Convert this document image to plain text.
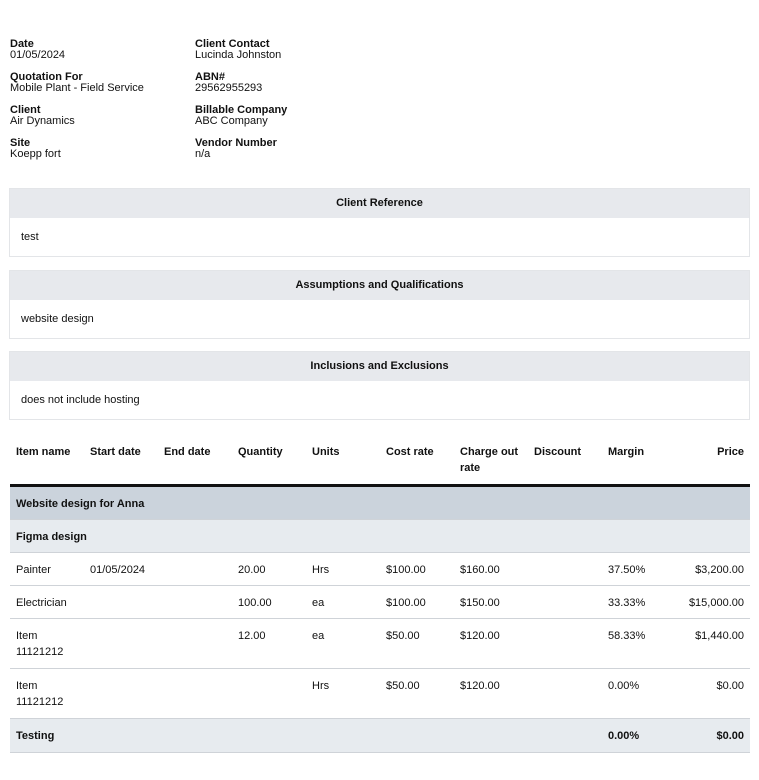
Date
01/05/2024
Client Contact
Lucinda Johnston
Quotation For
Mobile Plant - Field Service
ABN#
29562955293
Client
Air Dynamics
Billable Company
ABC Company
Site
Koepp fort
Vendor Number
n/a
Client Reference
test
Assumptions and Qualifications
website design
Inclusions and Exclusions
does not include hosting
Item name	Start date	End date	Quantity	Units	Cost rate	Charge out rate	Discount	Margin	Price
Website design for Anna									
Figma design									
Painter	01/05/2024		20.00	Hrs	$100.00	$160.00		37.50%	$3,200.00
Electrician			100.00	ea	$100.00	$150.00		33.33%	$15,000.00
Item 11121212			12.00	ea	$50.00	$120.00		58.33%	$1,440.00
Item 11121212				Hrs	$50.00	$120.00		0.00%	$0.00
Testing								0.00%	$0.00
